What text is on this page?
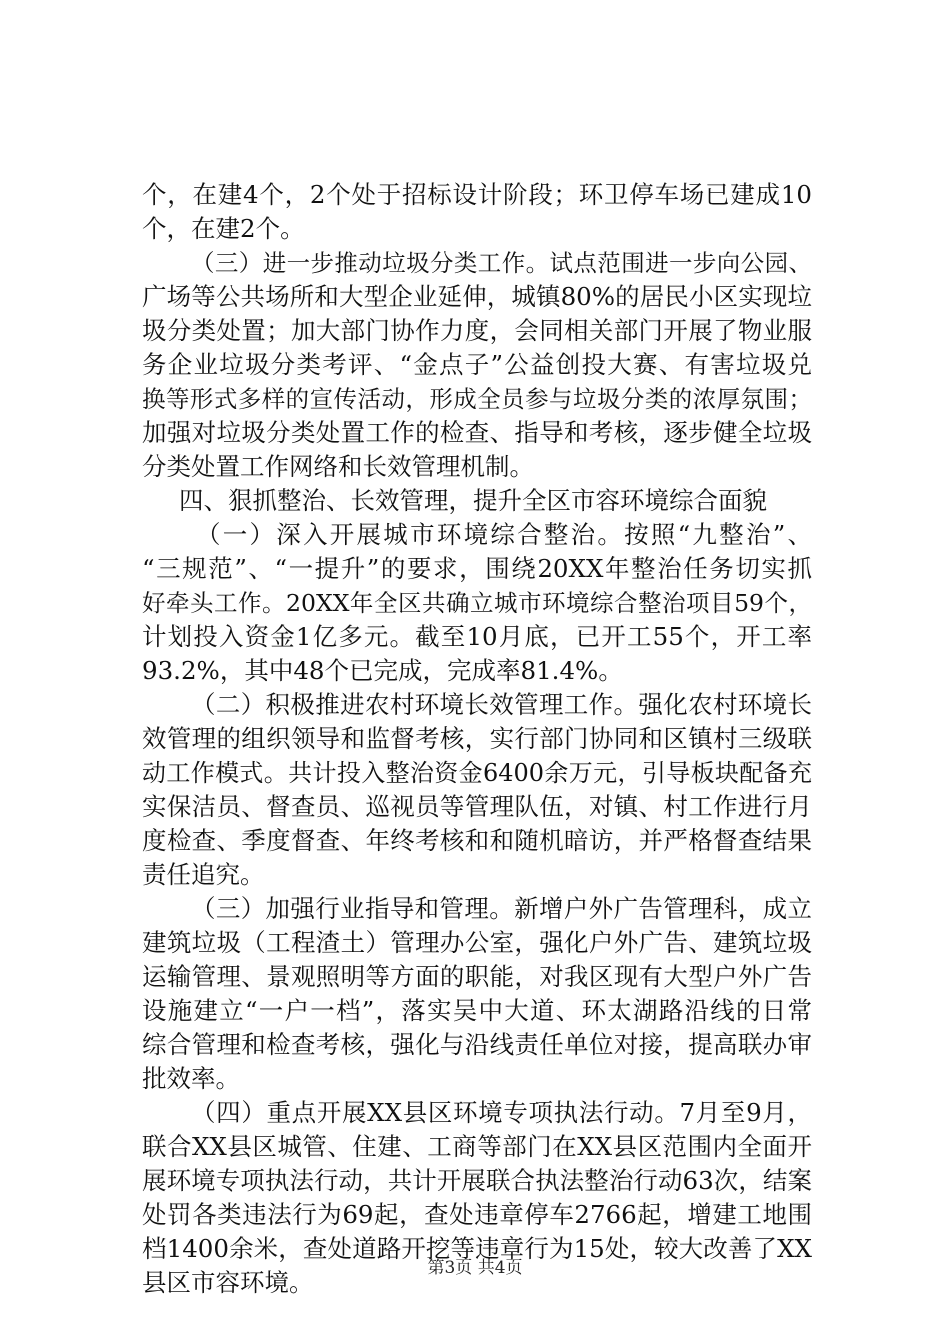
个，在建4个，2个处于招标设计阶段；环卫停车场已建成10
个，在建2个。
（三）进一步推动垃圾分类工作。试点范围进一步向公园、
广场等公共场所和大型企业延伸，城镇80%的居民小区实现垃
圾分类处置；加大部门协作力度，会同相关部门开展了物业服
务企业垃圾分类考评、“金点子”公益创投大赛、有害垃圾兑
换等形式多样的宣传活动，形成全员参与垃圾分类的浓厚氛围；
加强对垃圾分类处置工作的检查、指导和考核，逐步健全垃圾
分类处置工作网络和长效管理机制。
四、狠抓整治、长效管理，提升全区市容环境综合面貌
（一）深入开展城市环境综合整治。按照“九整治”、
“三规范”、“一提升”的要求，围绕20XX年整治任务切实抓
好牵头工作。20XX年全区共确立城市环境综合整治项目59个，
计划投入资金1亿多元。截至10月底，已开工55个，开工率
93.2%，其中48个已完成，完成率81.4%。
（二）积极推进农村环境长效管理工作。强化农村环境长
效管理的组织领导和监督考核，实行部门协同和区镇村三级联
动工作模式。共计投入整治资金6400余万元，引导板块配备充
实保洁员、督查员、巡视员等管理队伍，对镇、村工作进行月
度检查、季度督查、年终考核和和随机暗访，并严格督查结果
责任追究。
（三）加强行业指导和管理。新增户外广告管理科，成立
建筑垃圾（工程渣土）管理办公室，强化户外广告、建筑垃圾
运输管理、景观照明等方面的职能，对我区现有大型户外广告
设施建立“一户一档”，落实吴中大道、环太湖路沿线的日常
综合管理和检查考核，强化与沿线责任单位对接，提高联办审
批效率。
（四）重点开展XX县区环境专项执法行动。7月至9月，
联合XX县区城管、住建、工商等部门在XX县区范围内全面开
展环境专项执法行动，共计开展联合执法整治行动63次，结案
处罚各类违法行为69起，查处违章停车2766起，增建工地围
档1400余米，查处道路开挖等违章行为15处，较大改善了XX
县区市容环境。	第3页 共4页
